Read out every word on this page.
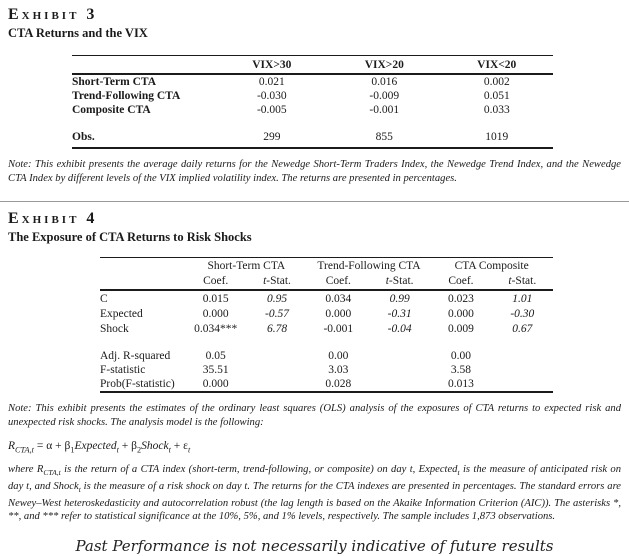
Exhibit 3
CTA Returns and the VIX
	VIX>30	VIX>20	VIX<20
Short-Term CTA	0.021	0.016	0.002
Trend-Following CTA	-0.030	-0.009	0.051
Composite CTA	-0.005	-0.001	0.033

Obs.	299	855	1019

Note: This exhibit presents the average daily returns for the Newedge Short-Term Traders Index, the Newedge Trend Index, and the Newedge CTA Index by different levels of the VIX implied volatility index. The returns are presented in percentages.

Exhibit 4
The Exposure of CTA Returns to Risk Shocks
	Short-Term CTA		Trend-Following CTA		CTA Composite	
	Coef.	t-Stat.	Coef.	t-Stat.	Coef.	t-Stat.
C	0.015	0.95	0.034	0.99	0.023	1.01
Expected	0.000	-0.57	0.000	-0.31	0.000	-0.30
Shock	0.034***	6.78	-0.001	-0.04	0.009	0.67

Adj. R-squared	0.05		0.00		0.00	
F-statistic	35.51		3.03		3.58	
Prob(F-statistic)	0.000		0.028		0.013	

Note: This exhibit presents the estimates of the ordinary least squares (OLS) analysis of the exposures of CTA returns to expected risk and unexpected risk shocks. The analysis model is the following:

$R_{CTA,t} = \alpha$ + $\beta_1Expected_t$ + $\beta_2Shock_t + \varepsilon_t$

where $R_{CTA,t}$ is the return of a CTA index (short-term, trend-following, or composite) on day t, Expected$_t$ is the measure of anticipated risk on day t, and Shock$_t$ is the measure of a risk shock on day t. The returns for the CTA indexes are presented in percentages. The standard errors are Newey–West heteroskedasticity and autocorrelation robust (the lag length is based on the Akaike Information Criterion (AIC)). The asterisks *, **, and *** refer to statistical significance at the 10%, 5%, and 1% levels, respectively. The sample includes 1,873 observations.

Past Performance is not necessarily indicative of future results
